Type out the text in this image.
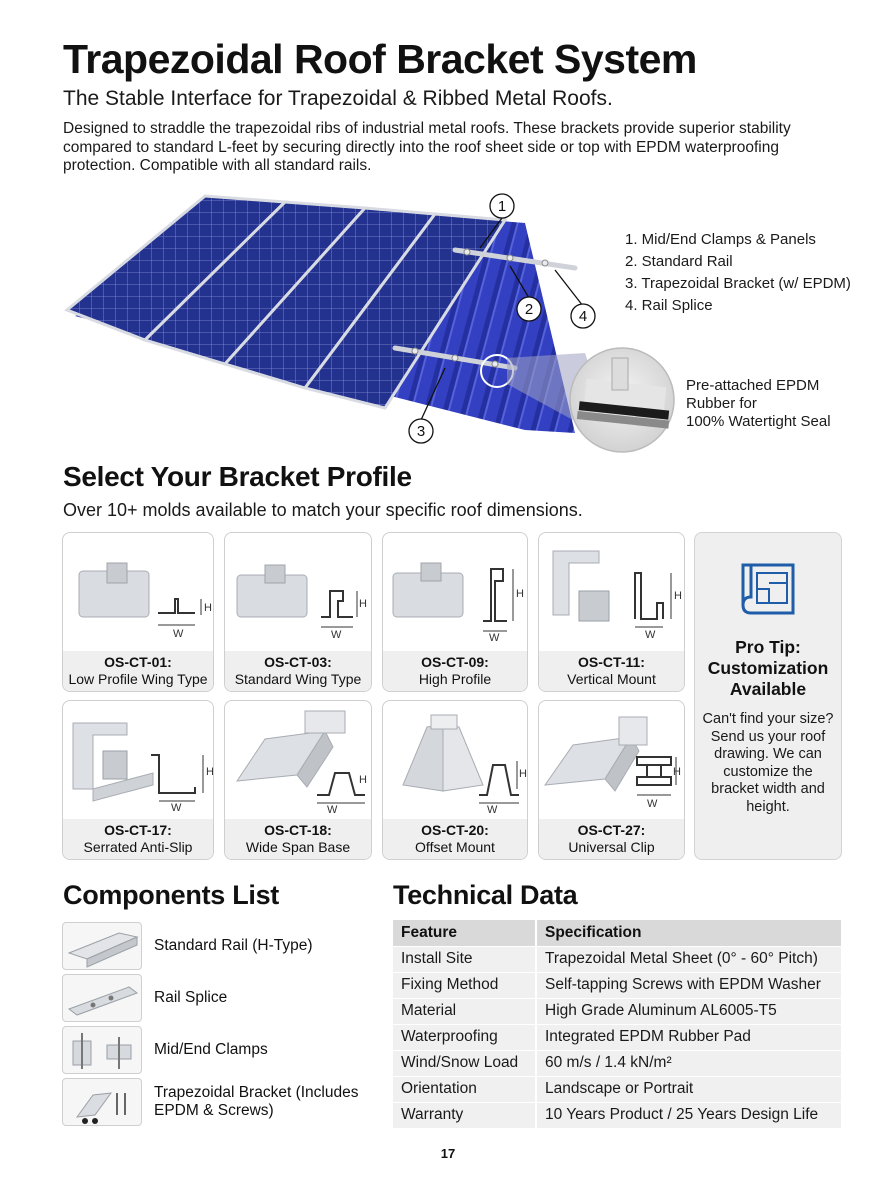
Trapezoidal Roof Bracket System
The Stable Interface for Trapezoidal & Ribbed Metal Roofs.
Designed to straddle the trapezoidal ribs of industrial metal roofs. These brackets provide superior stability compared to standard L-feet by securing directly into the roof sheet side or top with EPDM waterproofing protection. Compatible with all standard rails.
1
2	4
3
1. Mid/End Clamps & Panels
2. Standard Rail
3. Trapezoidal Bracket (w/ EPDM)
4. Rail Splice
Pre-attached EPDM
Rubber for
100% Watertight Seal
Select Your Bracket Profile
Over 10+ molds available to match your specific roof dimensions.
W
H
OS-CT-01:
Low Profile Wing Type
W
H
OS-CT-03:
Standard Wing Type
W
H
OS-CT-09:
High Profile
W
H
OS-CT-11:
Vertical Mount
W
H
OS-CT-17:
Serrated Anti-Slip
W
H
OS-CT-18:
Wide Span Base
W
H
OS-CT-20:
Offset Mount
W
H
OS-CT-27:
Universal Clip
Pro Tip:
Customization
Available
Can't find your size? Send us your roof drawing. We can customize the bracket width and height.
Components List
Standard Rail (H-Type)
Rail Splice
Mid/End Clamps
Trapezoidal Bracket (Includes EPDM & Screws)
Technical Data
Feature	Specification
Install Site	Trapezoidal Metal Sheet (0° - 60° Pitch)
Fixing Method	Self-tapping Screws with EPDM Washer
Material	High Grade Aluminum AL6005-T5
Waterproofing	Integrated EPDM Rubber Pad
Wind/Snow Load	60 m/s / 1.4 kN/m²
Orientation	Landscape or Portrait
Warranty	10 Years Product / 25 Years Design Life
17
